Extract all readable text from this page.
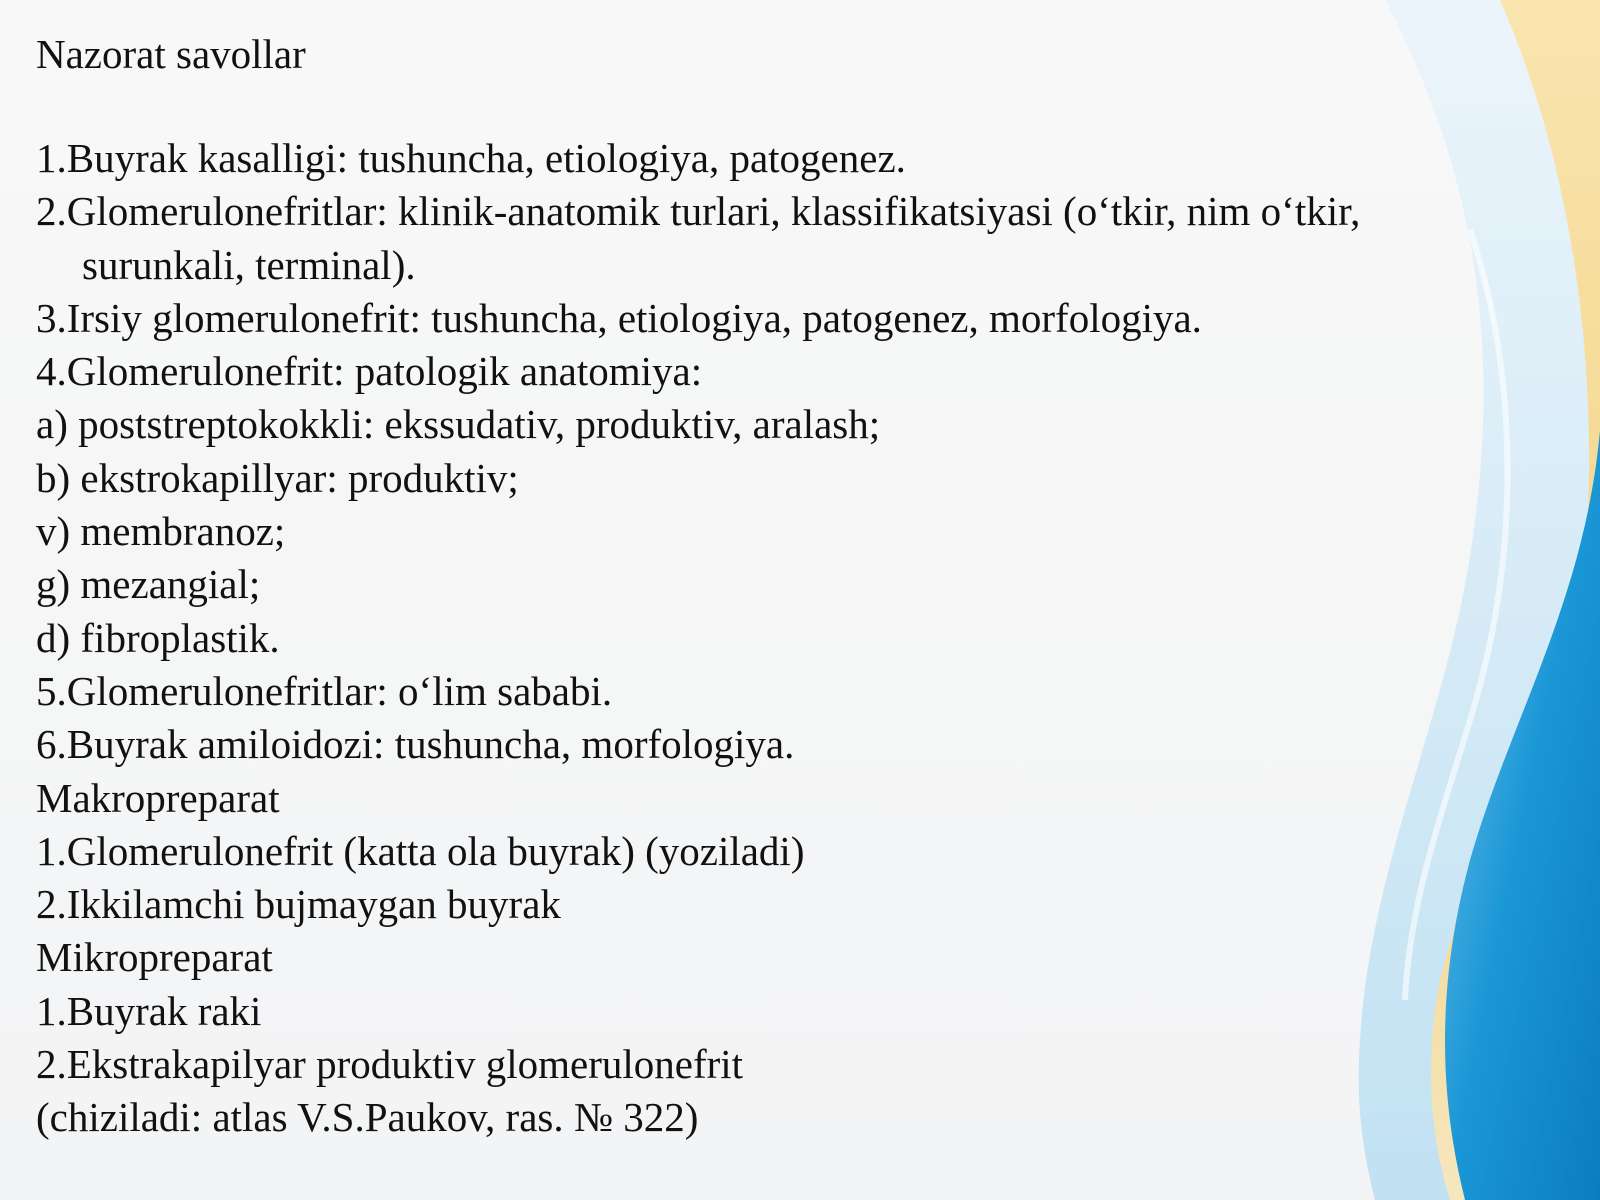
Nazorat savollar

1.Buyrak kasalligi: tushuncha, etiologiya, patogenez.

2.Glomerulonefritlar: klinik-anatomik turlari, klassifikatsiyasi (o‘tkir, nim o‘tkir, surunkali, terminal).

3.Irsiy glomerulonefrit: tushuncha, etiologiya, patogenez, morfologiya.

4.Glomerulonefrit: patologik anatomiya:

a) poststreptokokkli: ekssudativ, produktiv, aralash;

b) ekstrokapillyar: produktiv;

v) membranoz;

g) mezangial;

d) fibroplastik.

5.Glomerulonefritlar: o‘lim sababi.

6.Buyrak amiloidozi: tushuncha, morfologiya.

Makropreparat

1.Glomerulonefrit (katta ola buyrak) (yoziladi)

2.Ikkilamchi bujmaygan buyrak

Mikropreparat

1.Buyrak raki

2.Ekstrakapilyar produktiv glomerulonefrit

(chiziladi: atlas V.S.Paukov, ras. № 322)
